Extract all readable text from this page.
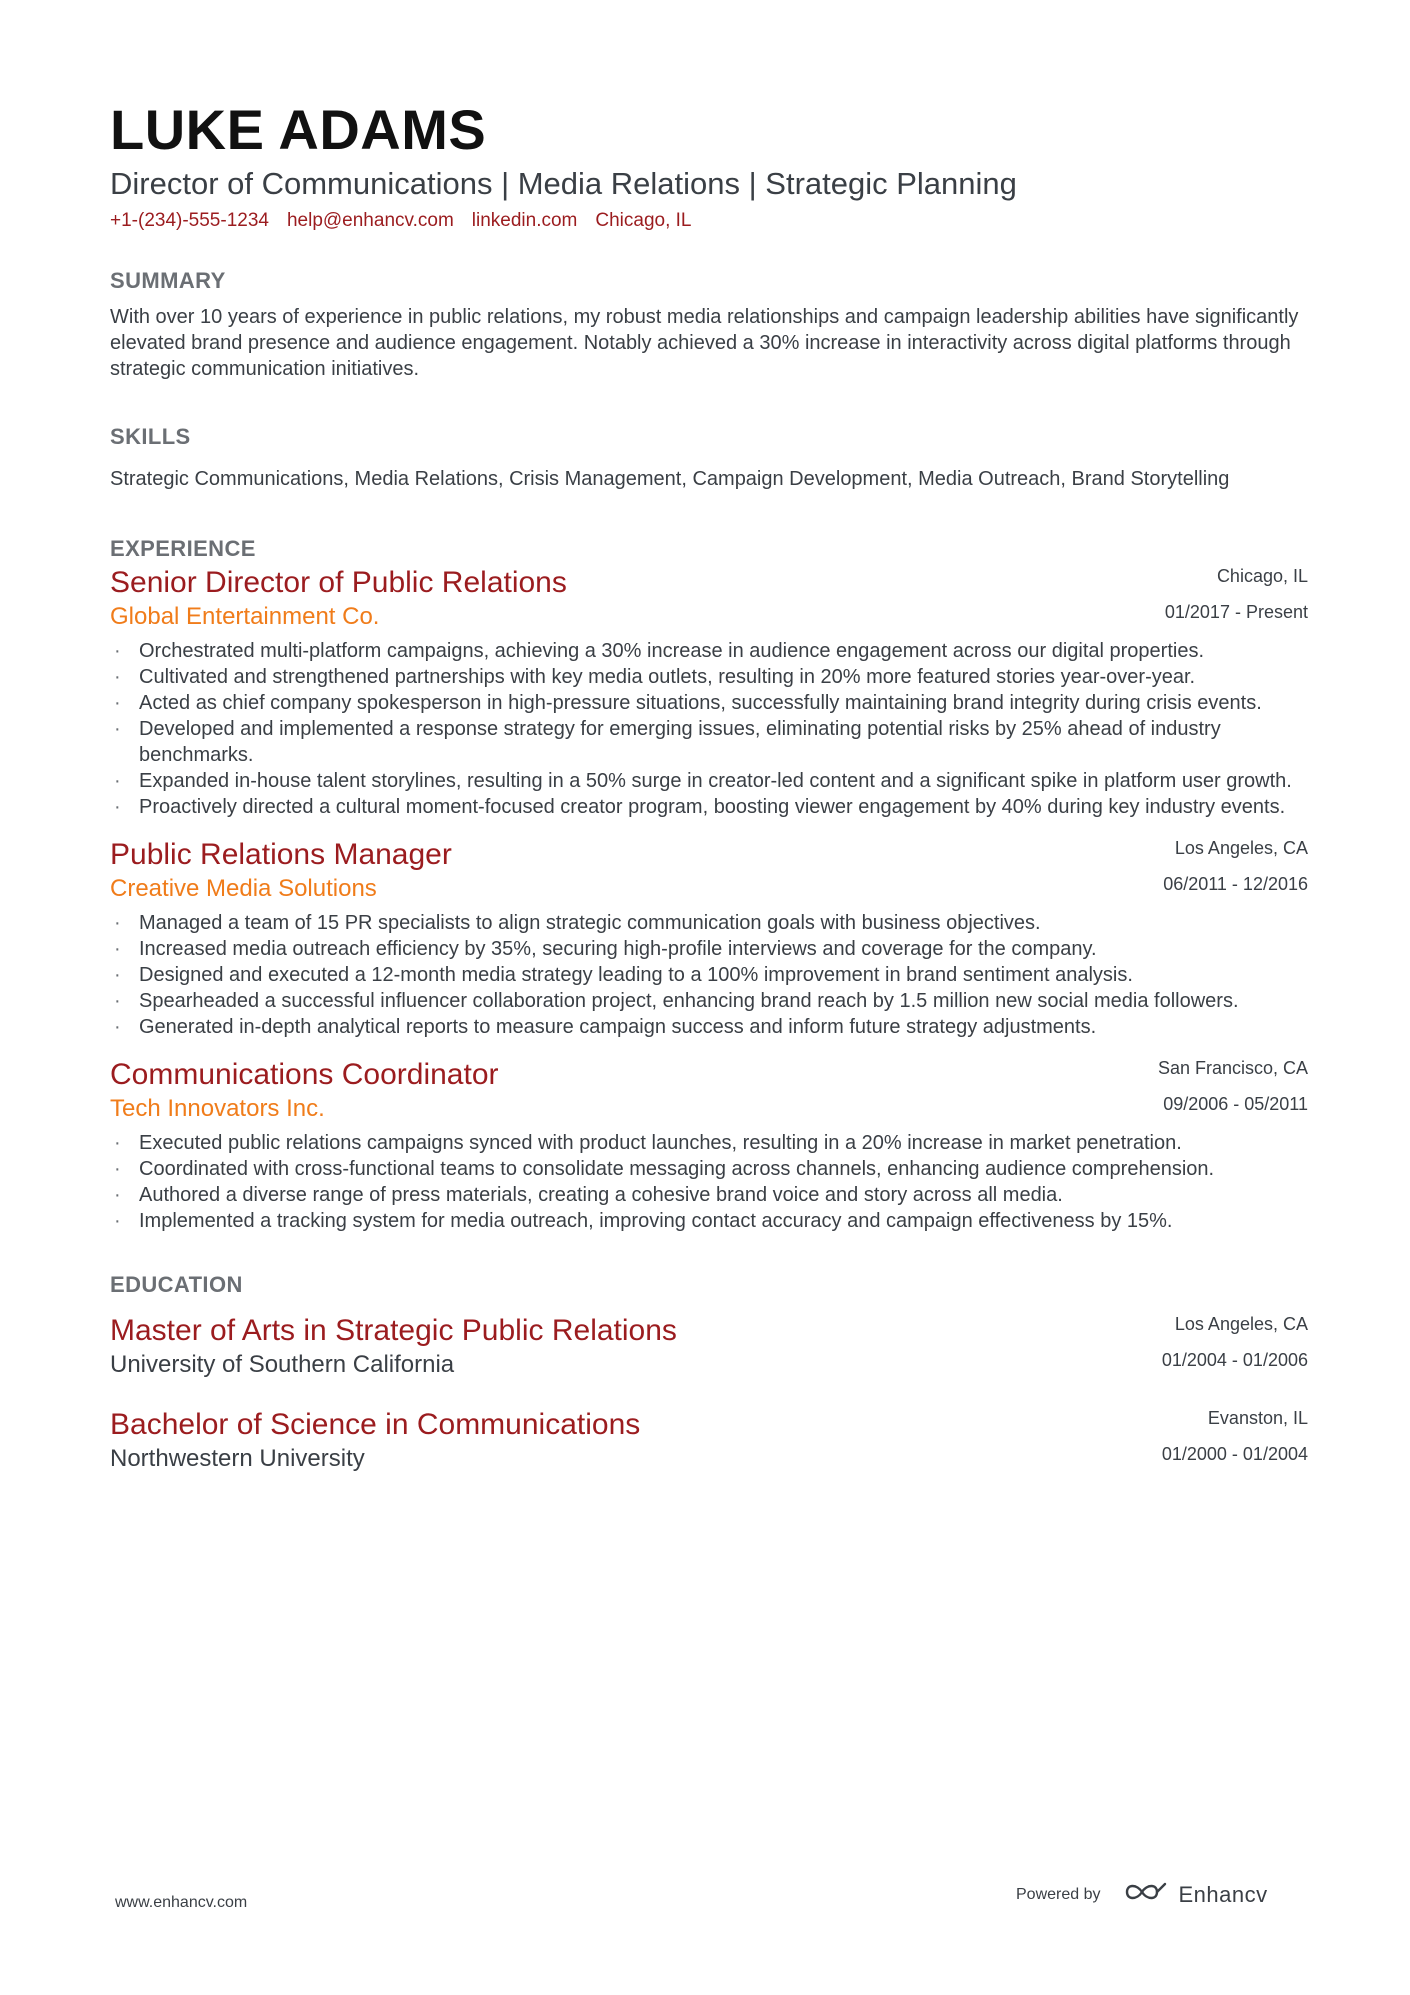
LUKE ADAMS
Director of Communications | Media Relations | Strategic Planning
+1-(234)-555-1234 help@enhancv.com linkedin.com Chicago, IL
SUMMARY

With over 10 years of experience in public relations, my robust media relationships and campaign leadership abilities have significantly elevated brand presence and audience engagement. Notably achieved a 30% increase in interactivity across digital platforms through strategic communication initiatives.

SKILLS

Strategic Communications, Media Relations, Crisis Management, Campaign Development, Media Outreach, Brand Storytelling

EXPERIENCE
Senior Director of Public Relations
Global Entertainment Co.
Chicago, IL
01/2017 - Present
· Orchestrated multi-platform campaigns, achieving a 30% increase in audience engagement across our digital properties.
· Cultivated and strengthened partnerships with key media outlets, resulting in 20% more featured stories year-over-year.
· Acted as chief company spokesperson in high-pressure situations, successfully maintaining brand integrity during crisis events.
· Developed and implemented a response strategy for emerging issues, eliminating potential risks by 25% ahead of industry benchmarks.
· Expanded in-house talent storylines, resulting in a 50% surge in creator-led content and a significant spike in platform user growth.
· Proactively directed a cultural moment-focused creator program, boosting viewer engagement by 40% during key industry events.
Public Relations Manager
Creative Media Solutions
Los Angeles, CA
06/2011 - 12/2016
· Managed a team of 15 PR specialists to align strategic communication goals with business objectives.
· Increased media outreach efficiency by 35%, securing high-profile interviews and coverage for the company.
· Designed and executed a 12-month media strategy leading to a 100% improvement in brand sentiment analysis.
· Spearheaded a successful influencer collaboration project, enhancing brand reach by 1.5 million new social media followers.
· Generated in-depth analytical reports to measure campaign success and inform future strategy adjustments.
Communications Coordinator
Tech Innovators Inc.
San Francisco, CA
09/2006 - 05/2011
· Executed public relations campaigns synced with product launches, resulting in a 20% increase in market penetration.
· Coordinated with cross-functional teams to consolidate messaging across channels, enhancing audience comprehension.
· Authored a diverse range of press materials, creating a cohesive brand voice and story across all media.
· Implemented a tracking system for media outreach, improving contact accuracy and campaign effectiveness by 15%.
EDUCATION
Master of Arts in Strategic Public Relations
University of Southern California
Los Angeles, CA
01/2004 - 01/2006
Bachelor of Science in Communications
Northwestern University
Evanston, IL
01/2000 - 01/2004
www.enhancv.com	Powered by	Enhancv
